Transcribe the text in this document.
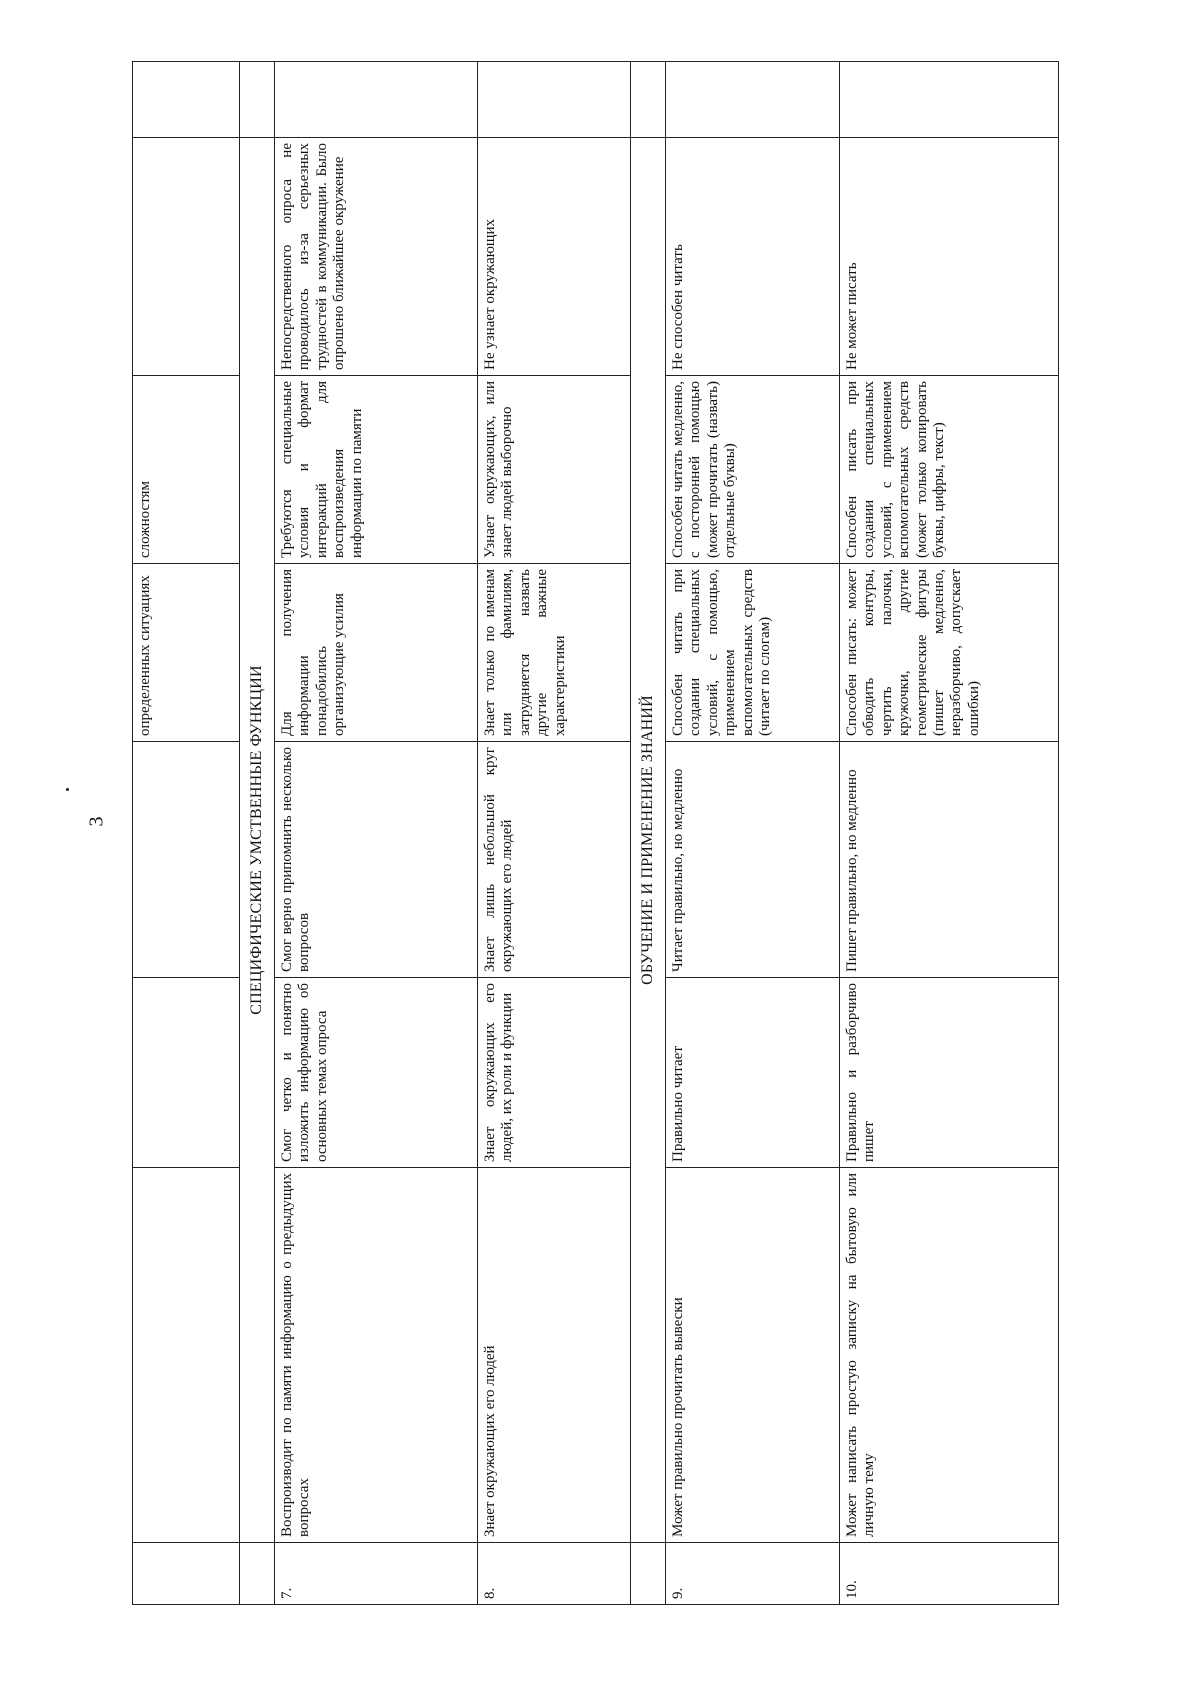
3
				определенных ситуациях	сложностям		
	СПЕЦИФИЧЕСКИЕ УМСТВЕННЫЕ ФУНКЦИИ						
7.	Воспроизводит по памяти информацию о предыдущих вопросах	Смог четко и понятно изложить информацию об основных темах опроса	Смог верно припомнить несколько вопросов	Для получения информации понадобились организующие усилия	Требуются специальные условия и формат интеракций для воспроизведения информации по памяти	Непосредственного опроса не проводилось из-за серьезных трудностей в коммуникации. Было опрошено ближайшее окружение	
8.	Знает окружающих его людей	Знает окружающих его людей, их роли и функции	Знает лишь небольшой круг окружающих его людей	Знает только по именам или фамилиям, затрудняется назвать другие важные характеристики	Узнает окружающих, или знает людей выборочно	Не узнает окружающих	
	ОБУЧЕНИЕ И ПРИМЕНЕНИЕ ЗНАНИЙ						
9.	Может правильно прочитать вывески	Правильно читает	Читает правильно, но медленно	Способен читать при создании специальных условий, с помощью, применением вспомогательных средств (читает по слогам)	Способен читать медленно, с посторонней помощью (может прочитать (назвать) отдельные буквы)	Не способен читать	
10.	Может написать простую записку на бытовую или личную тему	Правильно и разборчиво пишет	Пишет правильно, но медленно	Способен писать: может обводить контуры, чертить палочки, кружочки, другие геометрические фигуры (пишет медленно, неразборчиво, допускает ошибки)	Способен писать при создании специальных условий, с применением вспомогательных средств (может только копировать буквы, цифры, текст)	Не может писать	
